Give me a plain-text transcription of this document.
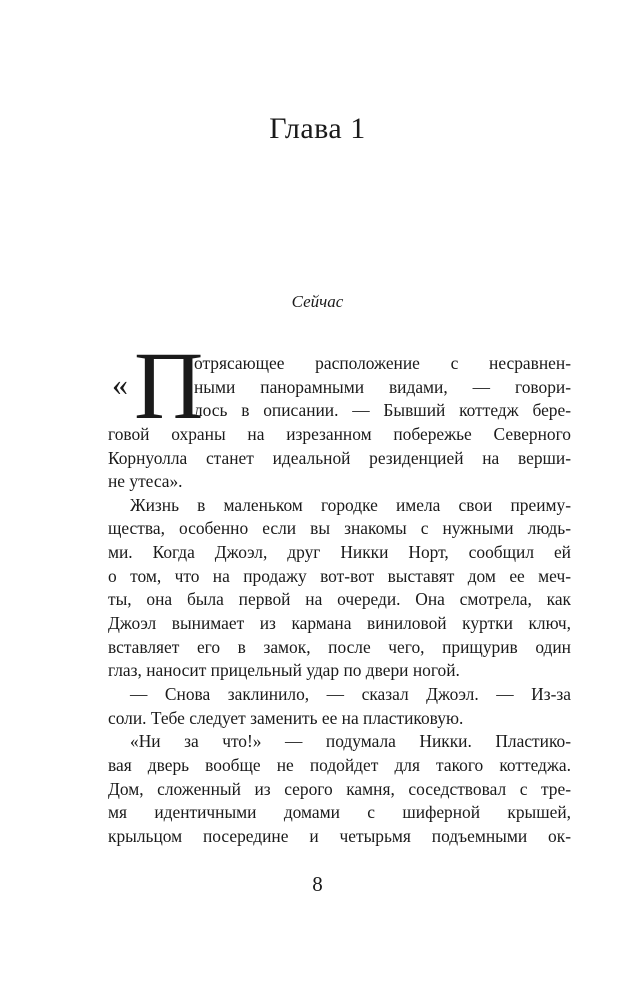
Глава 1
Сейчас
« П
отрясающее расположение с несравнен-
ными панорамными видами, — говори-
лось в описании. — Бывший коттедж бере-
говой охраны на изрезанном побережье Северного
Корнуолла станет идеальной резиденцией на верши-
не утеса».
Жизнь в маленьком городке имела свои преиму-
щества, особенно если вы знакомы с нужными людь-
ми. Когда Джоэл, друг Никки Норт, сообщил ей
о том, что на продажу вот-вот выставят дом ее меч-
ты, она была первой на очереди. Она смотрела, как
Джоэл вынимает из кармана виниловой куртки ключ,
вставляет его в замок, после чего, прищурив один
глаз, наносит прицельный удар по двери ногой.
— Снова заклинило, — сказал Джоэл. — Из-за
соли. Тебе следует заменить ее на пластиковую.
«Ни за что!» — подумала Никки. Пластико-
вая дверь вообще не подойдет для такого коттеджа.
Дом, сложенный из серого камня, соседствовал с тре-
мя идентичными домами с шиферной крышей,
крыльцом посередине и четырьмя подъемными ок-
8
